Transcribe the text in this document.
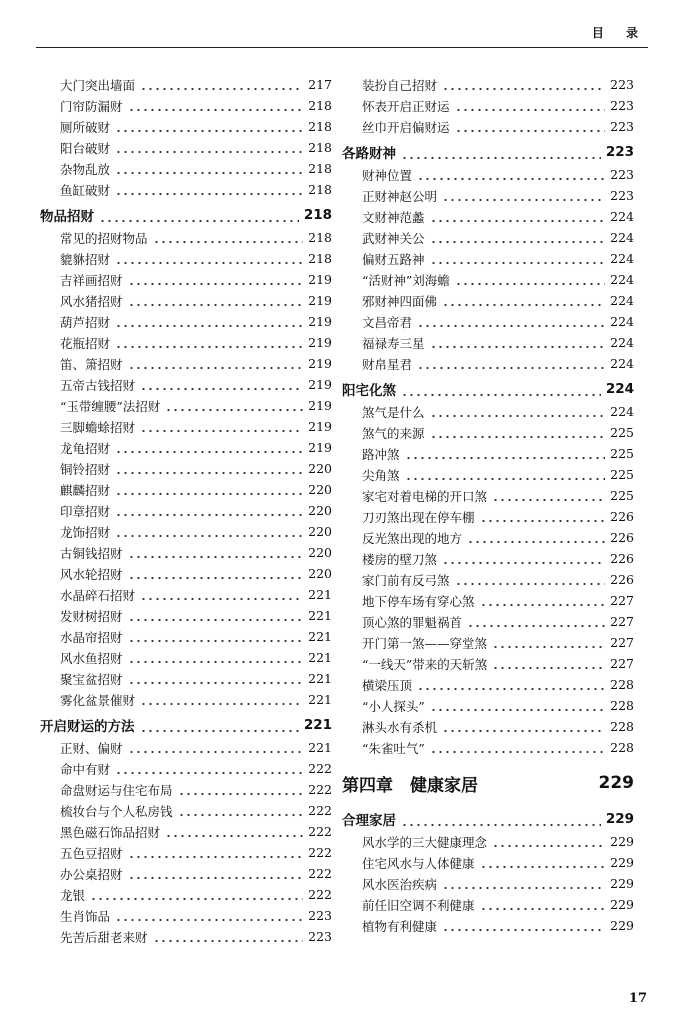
目 录
大门突出墙面	217
门帘防漏财	218
厕所破财	218
阳台破财	218
杂物乱放	218
鱼缸破财	218
物品招财	218
常见的招财物品	218
貔貅招财	218
吉祥画招财	219
风水猪招财	219
葫芦招财	219
花瓶招财	219
笛、箫招财	219
五帝古钱招财	219
“玉带缠腰”法招财	219
三脚蟾蜍招财	219
龙龟招财	219
铜铃招财	220
麒麟招财	220
印章招财	220
龙饰招财	220
古铜钱招财	220
风水轮招财	220
水晶碎石招财	221
发财树招财	221
水晶帘招财	221
风水鱼招财	221
聚宝盆招财	221
雾化盆景催财	221
开启财运的方法	221
正财、偏财	221
命中有财	222
命盘财运与住宅布局	222
梳妆台与个人私房钱	222
黑色磁石饰品招财	222
五色豆招财	222
办公桌招财	222
龙银	222
生肖饰品	223
先苦后甜老来财	223
装扮自己招财	223
怀表开启正财运	223
丝巾开启偏财运	223
各路财神	223
财神位置	223
正财神赵公明	223
文财神范蠡	224
武财神关公	224
偏财五路神	224
“活财神”刘海蟾	224
邪财神四面佛	224
文昌帝君	224
福禄寿三星	224
财帛星君	224
阳宅化煞	224
煞气是什么	224
煞气的来源	225
路冲煞	225
尖角煞	225
家宅对着电梯的开口煞	225
刀刃煞出现在停车棚	226
反光煞出现的地方	226
楼房的壁刀煞	226
家门前有反弓煞	226
地下停车场有穿心煞	227
顶心煞的罪魁祸首	227
开门第一煞——穿堂煞	227
“一线天”带来的天斩煞	227
横梁压顶	228
“小人探头”	228
淋头水有杀机	228
“朱雀吐气”	228
第四章　健康家居	229
合理家居	229
风水学的三大健康理念	229
住宅风水与人体健康	229
风水医治疾病	229
前任旧空调不利健康	229
植物有利健康	229
17
